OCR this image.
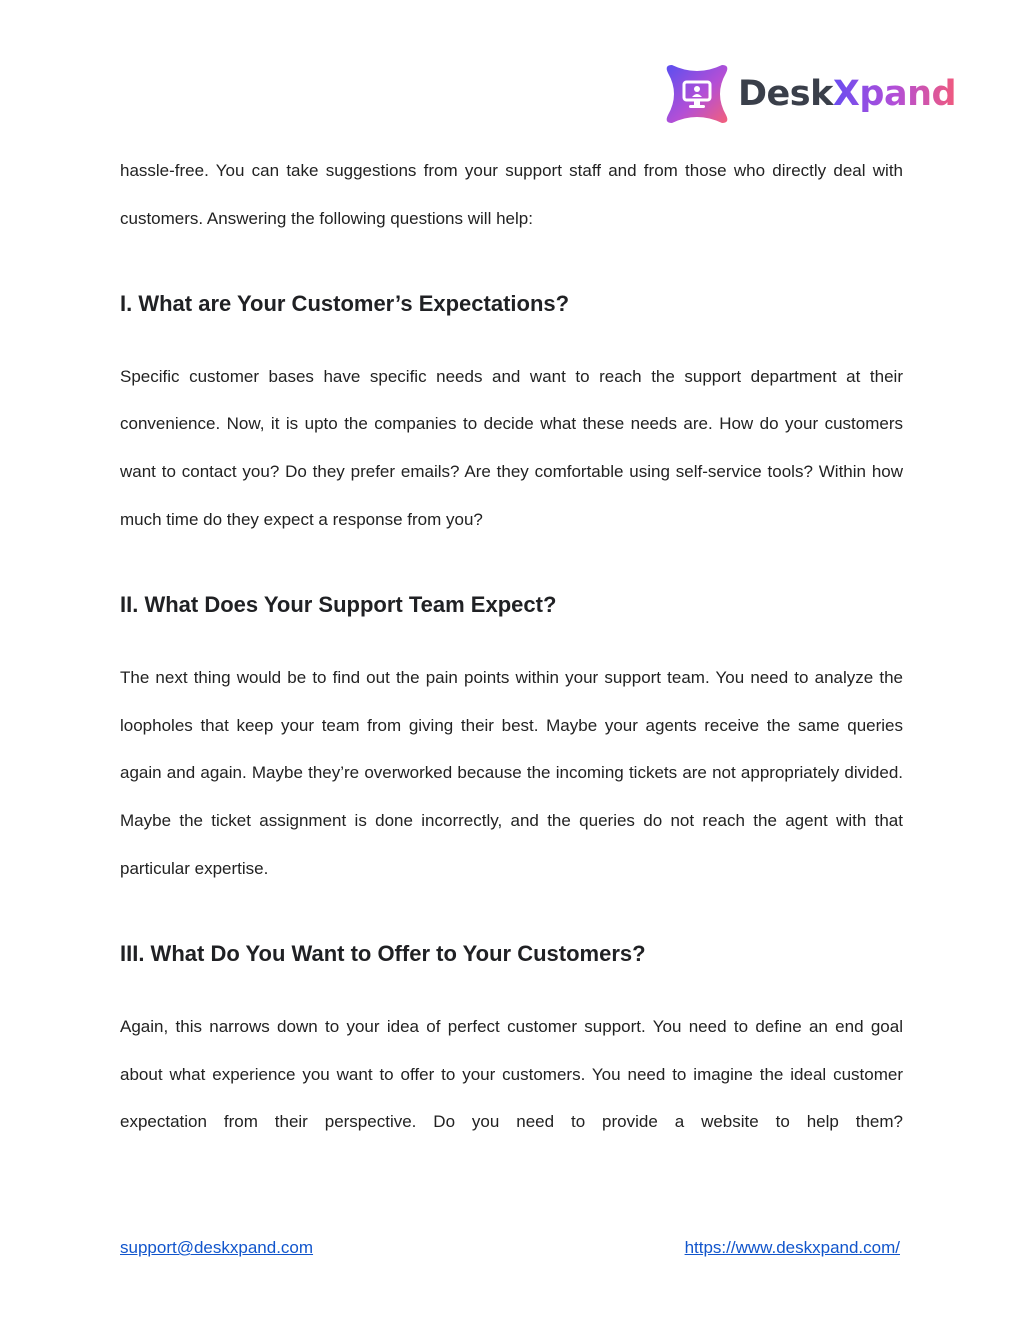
DeskXpand

hassle-free. You can take suggestions from your support staff and from those who directly deal with customers. Answering the following questions will help:

I. What are Your Customer’s Expectations?

Specific customer bases have specific needs and want to reach the support department at their convenience. Now, it is upto the companies to decide what these needs are. How do your customers want to contact you? Do they prefer emails? Are they comfortable using self-service tools? Within how much time do they expect a response from you?

II. What Does Your Support Team Expect?

The next thing would be to find out the pain points within your support team. You need to analyze the loopholes that keep your team from giving their best. Maybe your agents receive the same queries again and again. Maybe they’re overworked because the incoming tickets are not appropriately divided. Maybe the ticket assignment is done incorrectly, and the queries do not reach the agent with that particular expertise.

III. What Do You Want to Offer to Your Customers?

Again, this narrows down to your idea of perfect customer support. You need to define an end goal about what experience you want to offer to your customers. You need to imagine the ideal customer expectation from their perspective. Do you need to provide a website to help them?

support@deskxpand.com	https://www.deskxpand.com/
